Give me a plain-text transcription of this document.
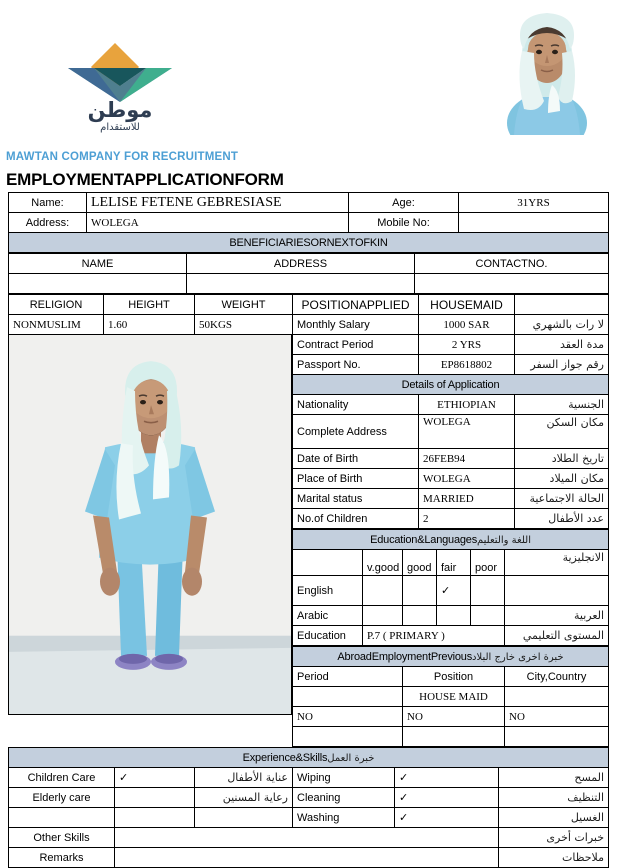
موطن
للاستقدام
MAWTAN COMPANY FOR RECRUITMENT
EMPLOYMENTAPPLICATIONFORM
Name:	LELISE FETENE GEBRESIASE	Age:	31YRS
Address:	WOLEGA	Mobile No:	
BENEFICIARIESORNEXTOFKIN			
NAME	ADDRESS	CONTACTNO.

RELIGION	HEIGHT	WEIGHT
NONMUSLIM	1.60	50KGS
POSITIONAPPLIED	HOUSEMAID	
Monthly Salary	1000 SAR	لا رات بالشهري
Contract Period	2 YRS	مدة العقد
Passport No.	EP8618802	رقم جواز السفر
Details of Application		
Nationality	ETHIOPIAN	الجنسية
Complete Address	WOLEGA	مكان السكن
Date of Birth	26FEB94	تاريخ الطلاد
Place of Birth	WOLEGA	مكان الميلاد
Marital status	MARRIED	الحالة الاجتماعية
No.of Children	2	عدد الأطفال
Education&Languagesاللغة والتعليم					
	v.good	good	fair	poor	الانجليزية
English			✓		
Arabic					العربية
Education	P.7 ( PRIMARY )				المستوى التعليمي
AbroadEmploymentPreviousخبرة اخرى خارج البلاد		
Period	Position	City,Country
	HOUSE MAID	
NO	NO	NO

Experience&Skillsخبرة العمل					
Children Care	✓	عناية الأطفال	Wiping	✓	المسح
Elderly care		رعاية المسنين	Cleaning	✓	التنظيف
			Washing	✓	الغسيل
Other Skills					خبرات أخرى
Remarks					ملاحظات
